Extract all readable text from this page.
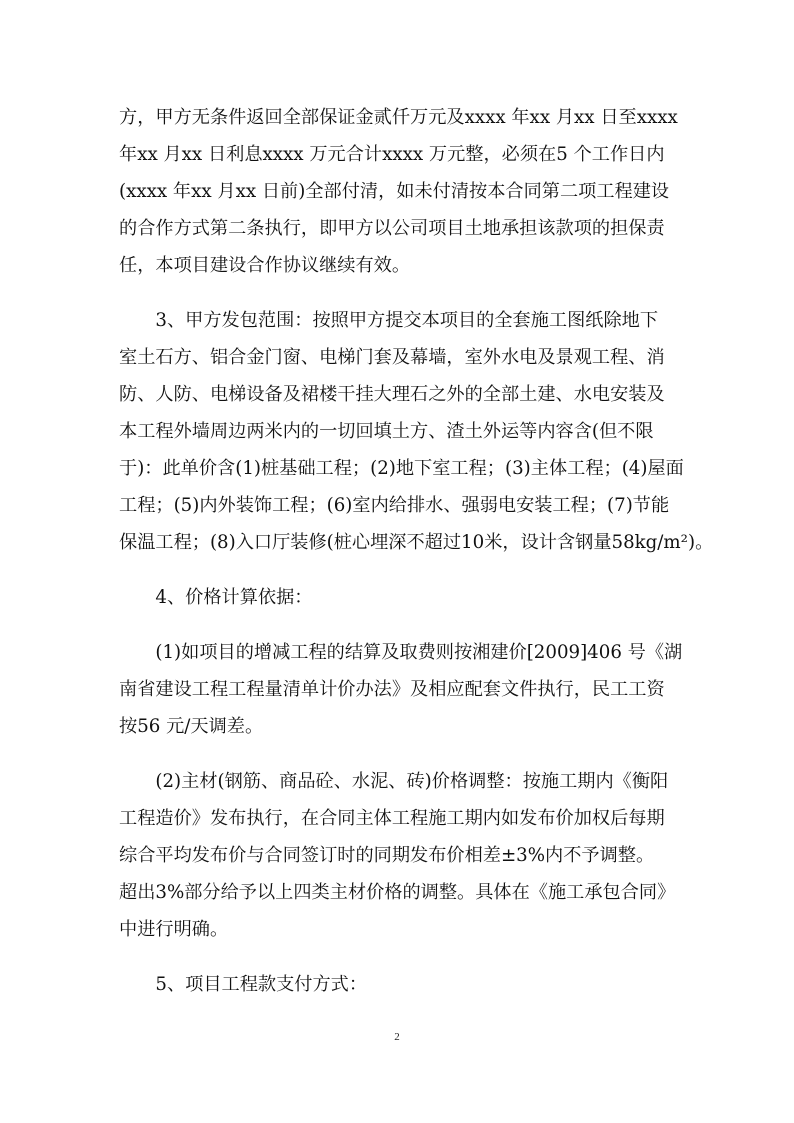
方，甲方无条件返回全部保证金贰仟万元及xxxx 年xx 月xx 日至xxxx
年xx 月xx 日利息xxxx 万元合计xxxx 万元整，必须在5 个工作日内
(xxxx 年xx 月xx 日前)全部付清，如未付清按本合同第二项工程建设
的合作方式第二条执行，即甲方以公司项目土地承担该款项的担保责
任，本项目建设合作协议继续有效。
　　3、甲方发包范围：按照甲方提交本项目的全套施工图纸除地下
室土石方、铝合金门窗、电梯门套及幕墙，室外水电及景观工程、消
防、人防、电梯设备及裙楼干挂大理石之外的全部土建、水电安装及
本工程外墙周边两米内的一切回填土方、渣土外运等内容含(但不限
于)：此单价含(1)桩基础工程；(2)地下室工程；(3)主体工程；(4)屋面
工程；(5)内外装饰工程；(6)室内给排水、强弱电安装工程；(7)节能
保温工程；(8)入口厅装修(桩心埋深不超过10米，设计含钢量58kg/m²)。
　　4、价格计算依据：
　　(1)如项目的增减工程的结算及取费则按湘建价[2009]406 号《湖
南省建设工程工程量清单计价办法》及相应配套文件执行，民工工资
按56 元/天调差。
　　(2)主材(钢筋、商品砼、水泥、砖)价格调整：按施工期内《衡阳
工程造价》发布执行，在合同主体工程施工期内如发布价加权后每期
综合平均发布价与合同签订时的同期发布价相差±3%内不予调整。
超出3%部分给予以上四类主材价格的调整。具体在《施工承包合同》
中进行明确。
　　5、项目工程款支付方式：
2
